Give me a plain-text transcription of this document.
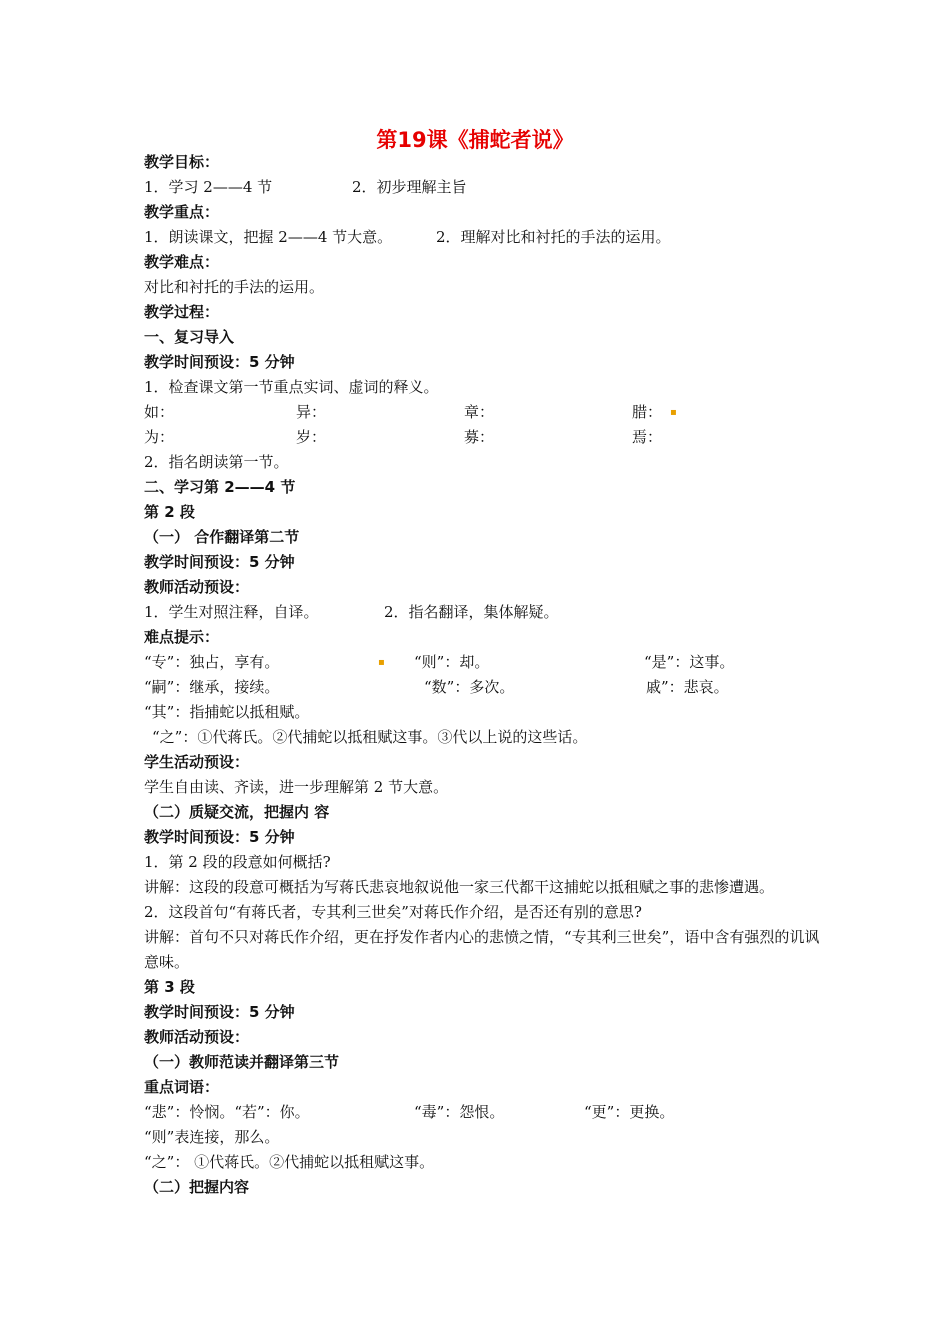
第19课《捕蛇者说》
教学目标：
1．学习 2——4 节	2．初步理解主旨
教学重点：
1．朗读课文，把握 2——4 节大意。	2．理解对比和衬托的手法的运用。
教学难点：
对比和衬托的手法的运用。
教学过程：
一、复习导入
教学时间预设：5 分钟
1．检查课文第一节重点实词、虚词的释义。
如：	异：	章：	腊： ▪
为：	岁：	募：	焉：
2．指名朗读第一节。
二、学习第 2——4 节
第 2 段
（一） 合作翻译第二节
教学时间预设：5 分钟
教师活动预设：
1．学生对照注释，自译。	2．指名翻译，集体解疑。
难点提示：
“专”：独占，享有。	▪ “则”：却。	“是”：这事。
“嗣”：继承，接续。	“数”：多次。	戚”：悲哀。
“其”：指捕蛇以抵租赋。
“之”：①代蒋氏。②代捕蛇以抵租赋这事。③代以上说的这些话。
学生活动预设：
学生自由读、齐读，进一步理解第 2 节大意。
（二）质疑交流，把握内 容
教学时间预设：5 分钟
1．第 2 段的段意如何概括?
讲解：这段的段意可概括为写蒋氏悲哀地叙说他一家三代都干这捕蛇以抵租赋之事的悲惨遭遇。
2．这段首句“有蒋氏者，专其利三世矣”对蒋氏作介绍，是否还有别的意思?
讲解：首句不只对蒋氏作介绍，更在抒发作者内心的悲愤之情，“专其利三世矣”，语中含有强烈的讥讽意味。
第 3 段
教学时间预设：5 分钟
教师活动预设：
（一）教师范读并翻译第三节
重点词语：
“悲”：怜悯。“若”：你。	“毒”：怨恨。	“更”：更换。
“则”表连接，那么。
“之”： ①代蒋氏。②代捕蛇以抵租赋这事。
（二）把握内容
